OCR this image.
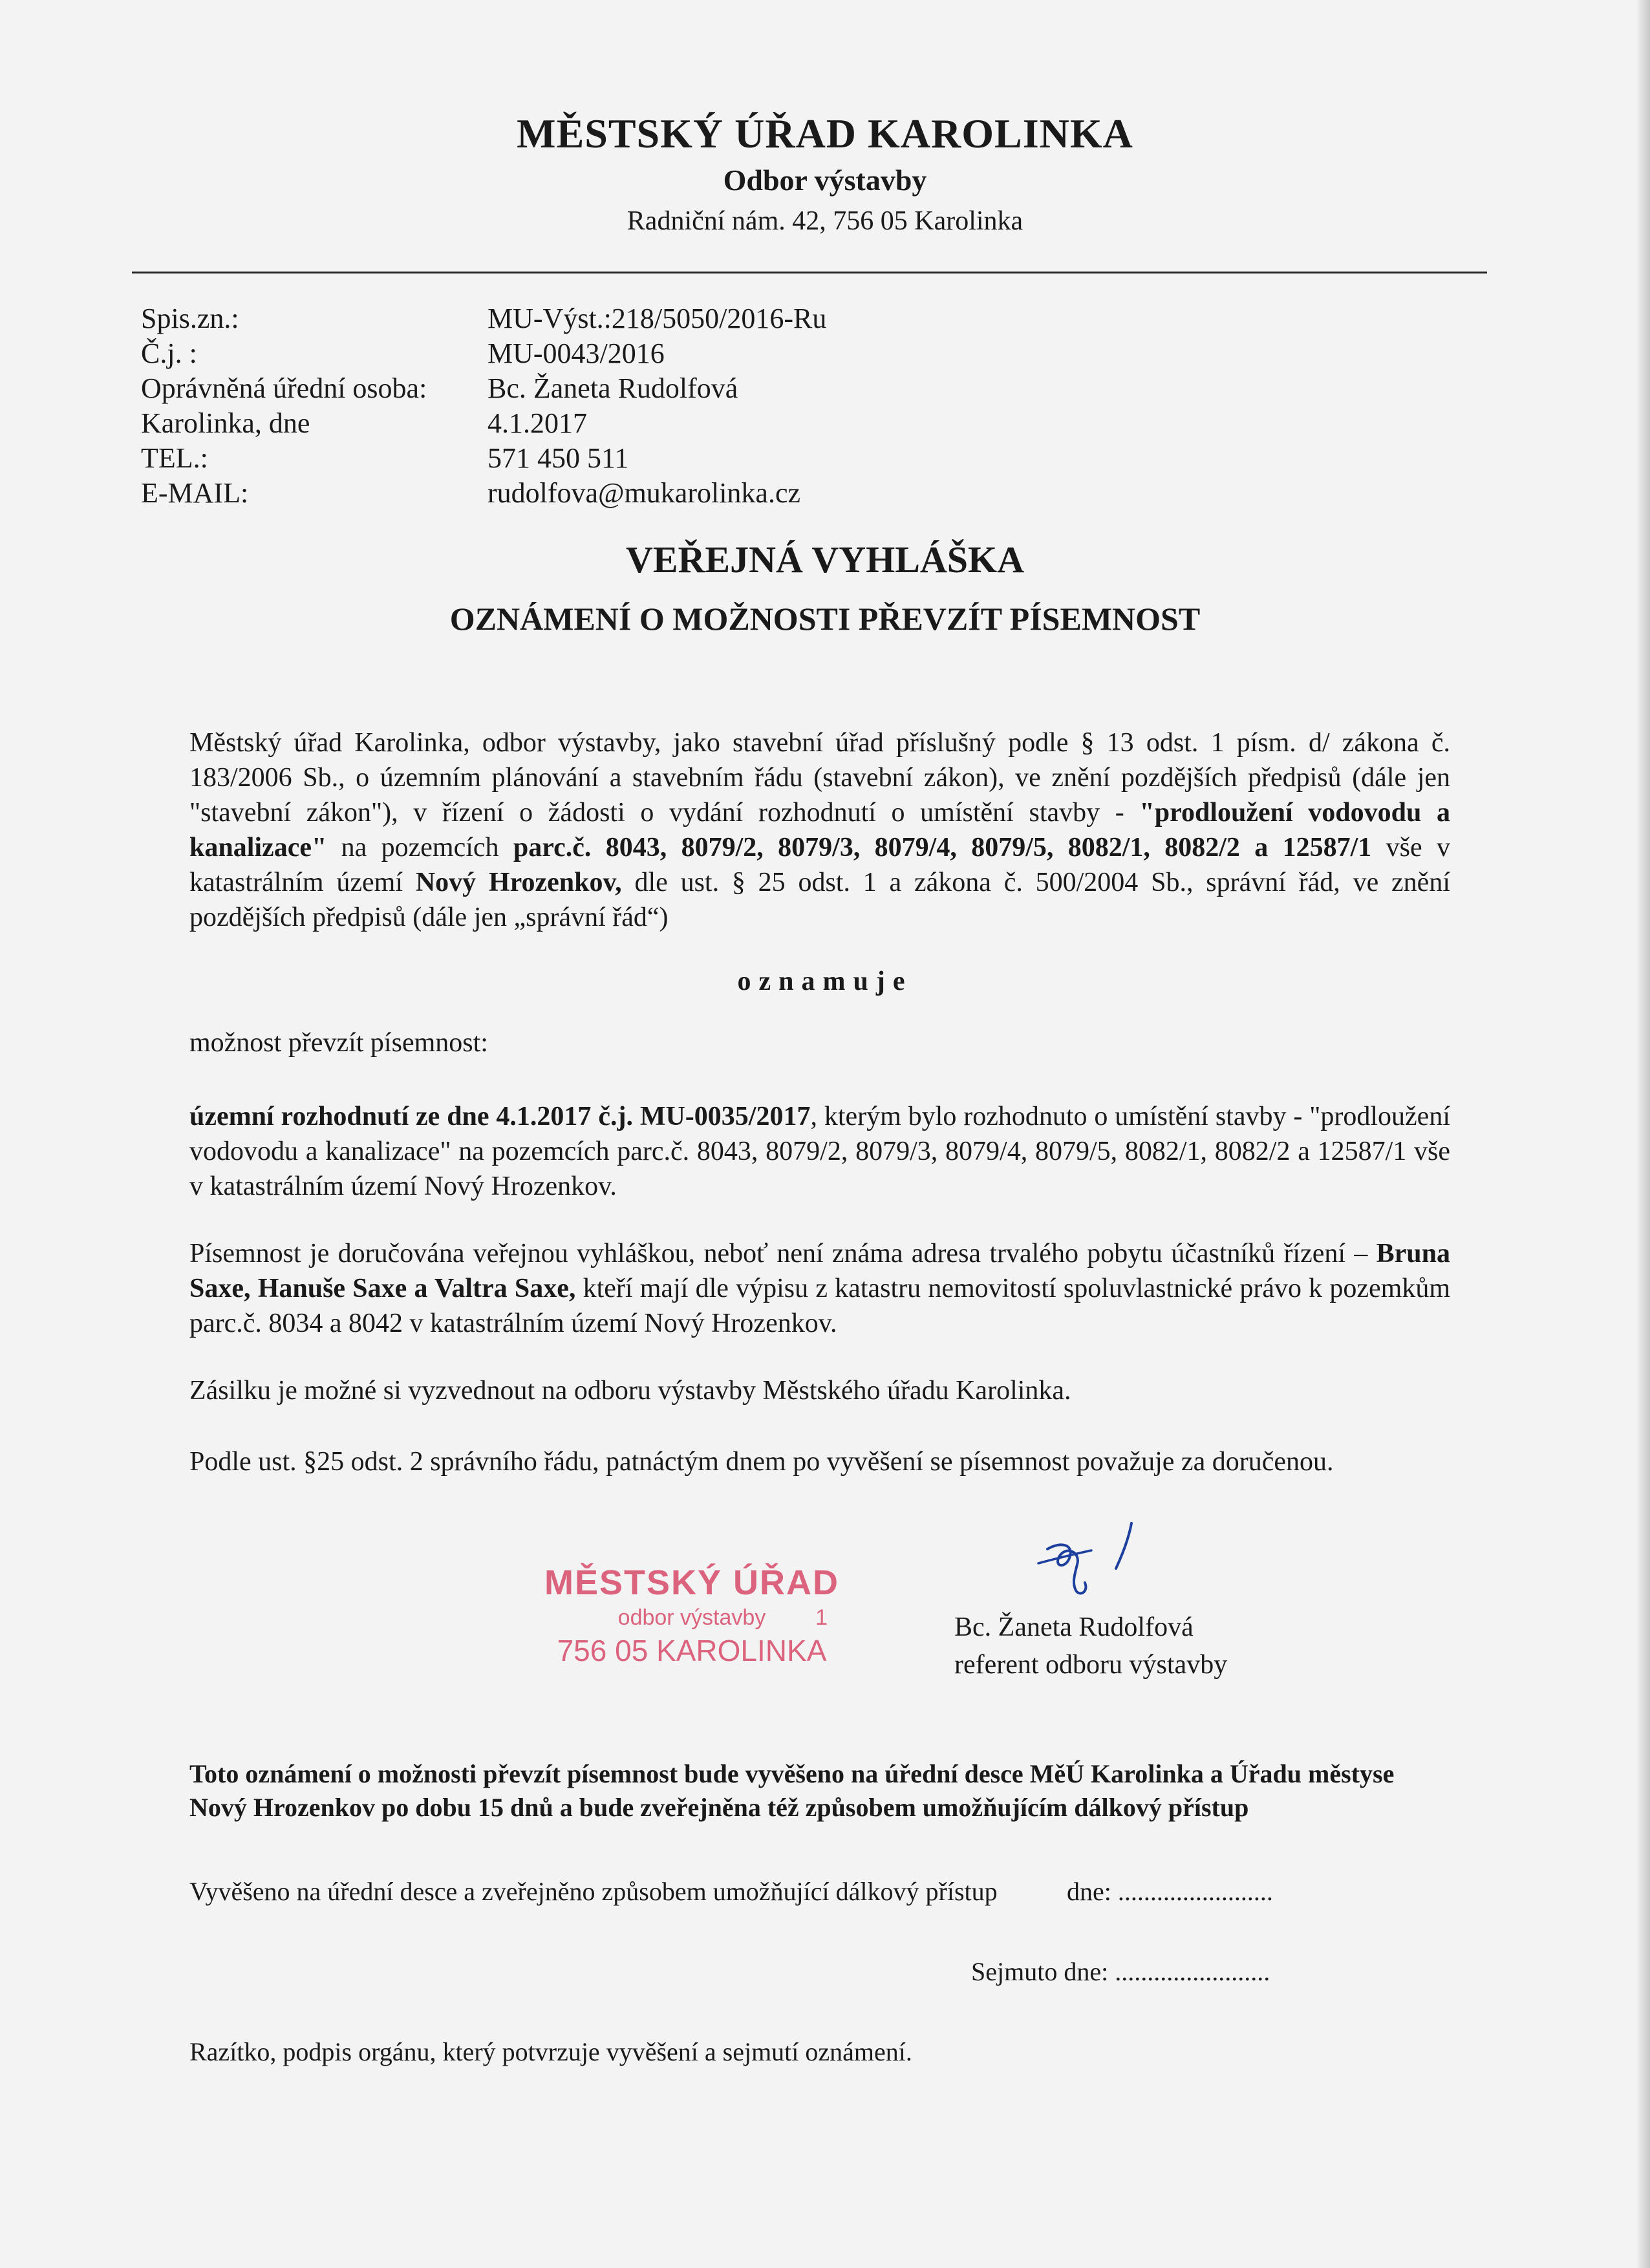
MĚSTSKÝ ÚŘAD KAROLINKA
Odbor výstavby
Radniční nám. 42, 756 05 Karolinka
Spis.zn.:	MU-Výst.:218/5050/2016-Ru
Č.j. :	MU-0043/2016
Oprávněná úřední osoba:	Bc. Žaneta Rudolfová
Karolinka, dne	4.1.2017
TEL.:	571 450 511
E-MAIL:	rudolfova@mukarolinka.cz
VEŘEJNÁ VYHLÁŠKA
OZNÁMENÍ O MOŽNOSTI PŘEVZÍT PÍSEMNOST
Městský úřad Karolinka, odbor výstavby, jako stavební úřad příslušný podle § 13 odst. 1 písm. d/ zákona č. 183/2006 Sb., o územním plánování a stavebním řádu (stavební zákon), ve znění pozdějších předpisů (dále jen "stavební zákon"), v řízení o žádosti o vydání rozhodnutí o umístění stavby - "prodloužení vodovodu a kanalizace" na pozemcích parc.č. 8043, 8079/2, 8079/3, 8079/4, 8079/5, 8082/1, 8082/2 a 12587/1 vše v katastrálním území Nový Hrozenkov, dle ust. § 25 odst. 1 a zákona č. 500/2004 Sb., správní řád, ve znění pozdějších předpisů (dále jen „správní řád“)
oznamuje
možnost převzít písemnost:
územní rozhodnutí ze dne 4.1.2017 č.j. MU-0035/2017, kterým bylo rozhodnuto o umístění stavby - "prodloužení vodovodu a kanalizace" na pozemcích parc.č. 8043, 8079/2, 8079/3, 8079/4, 8079/5, 8082/1, 8082/2 a 12587/1 vše v katastrálním území Nový Hrozenkov.
Písemnost je doručována veřejnou vyhláškou, neboť není známa adresa trvalého pobytu účastníků řízení – Bruna Saxe, Hanuše Saxe a Valtra Saxe, kteří mají dle výpisu z katastru nemovitostí spoluvlastnické právo k pozemkům parc.č. 8034 a 8042 v katastrálním území Nový Hrozenkov.
Zásilku je možné si vyzvednout na odboru výstavby Městského úřadu Karolinka.
Podle ust. §25 odst. 2 správního řádu, patnáctým dnem po vyvěšení se písemnost považuje za doručenou.
MĚSTSKÝ ÚŘAD
odbor výstavby 1
756 05 KAROLINKA
Bc. Žaneta Rudolfová
referent odboru výstavby
Toto oznámení o možnosti převzít písemnost bude vyvěšeno na úřední desce MěÚ Karolinka a Úřadu městyse Nový Hrozenkov po dobu 15 dnů a bude zveřejněna též způsobem umožňujícím dálkový přístup
Vyvěšeno na úřední desce a zveřejněno způsobem umožňující dálkový přístup	dne: ........................
Sejmuto dne: ........................
Razítko, podpis orgánu, který potvrzuje vyvěšení a sejmutí oznámení.
